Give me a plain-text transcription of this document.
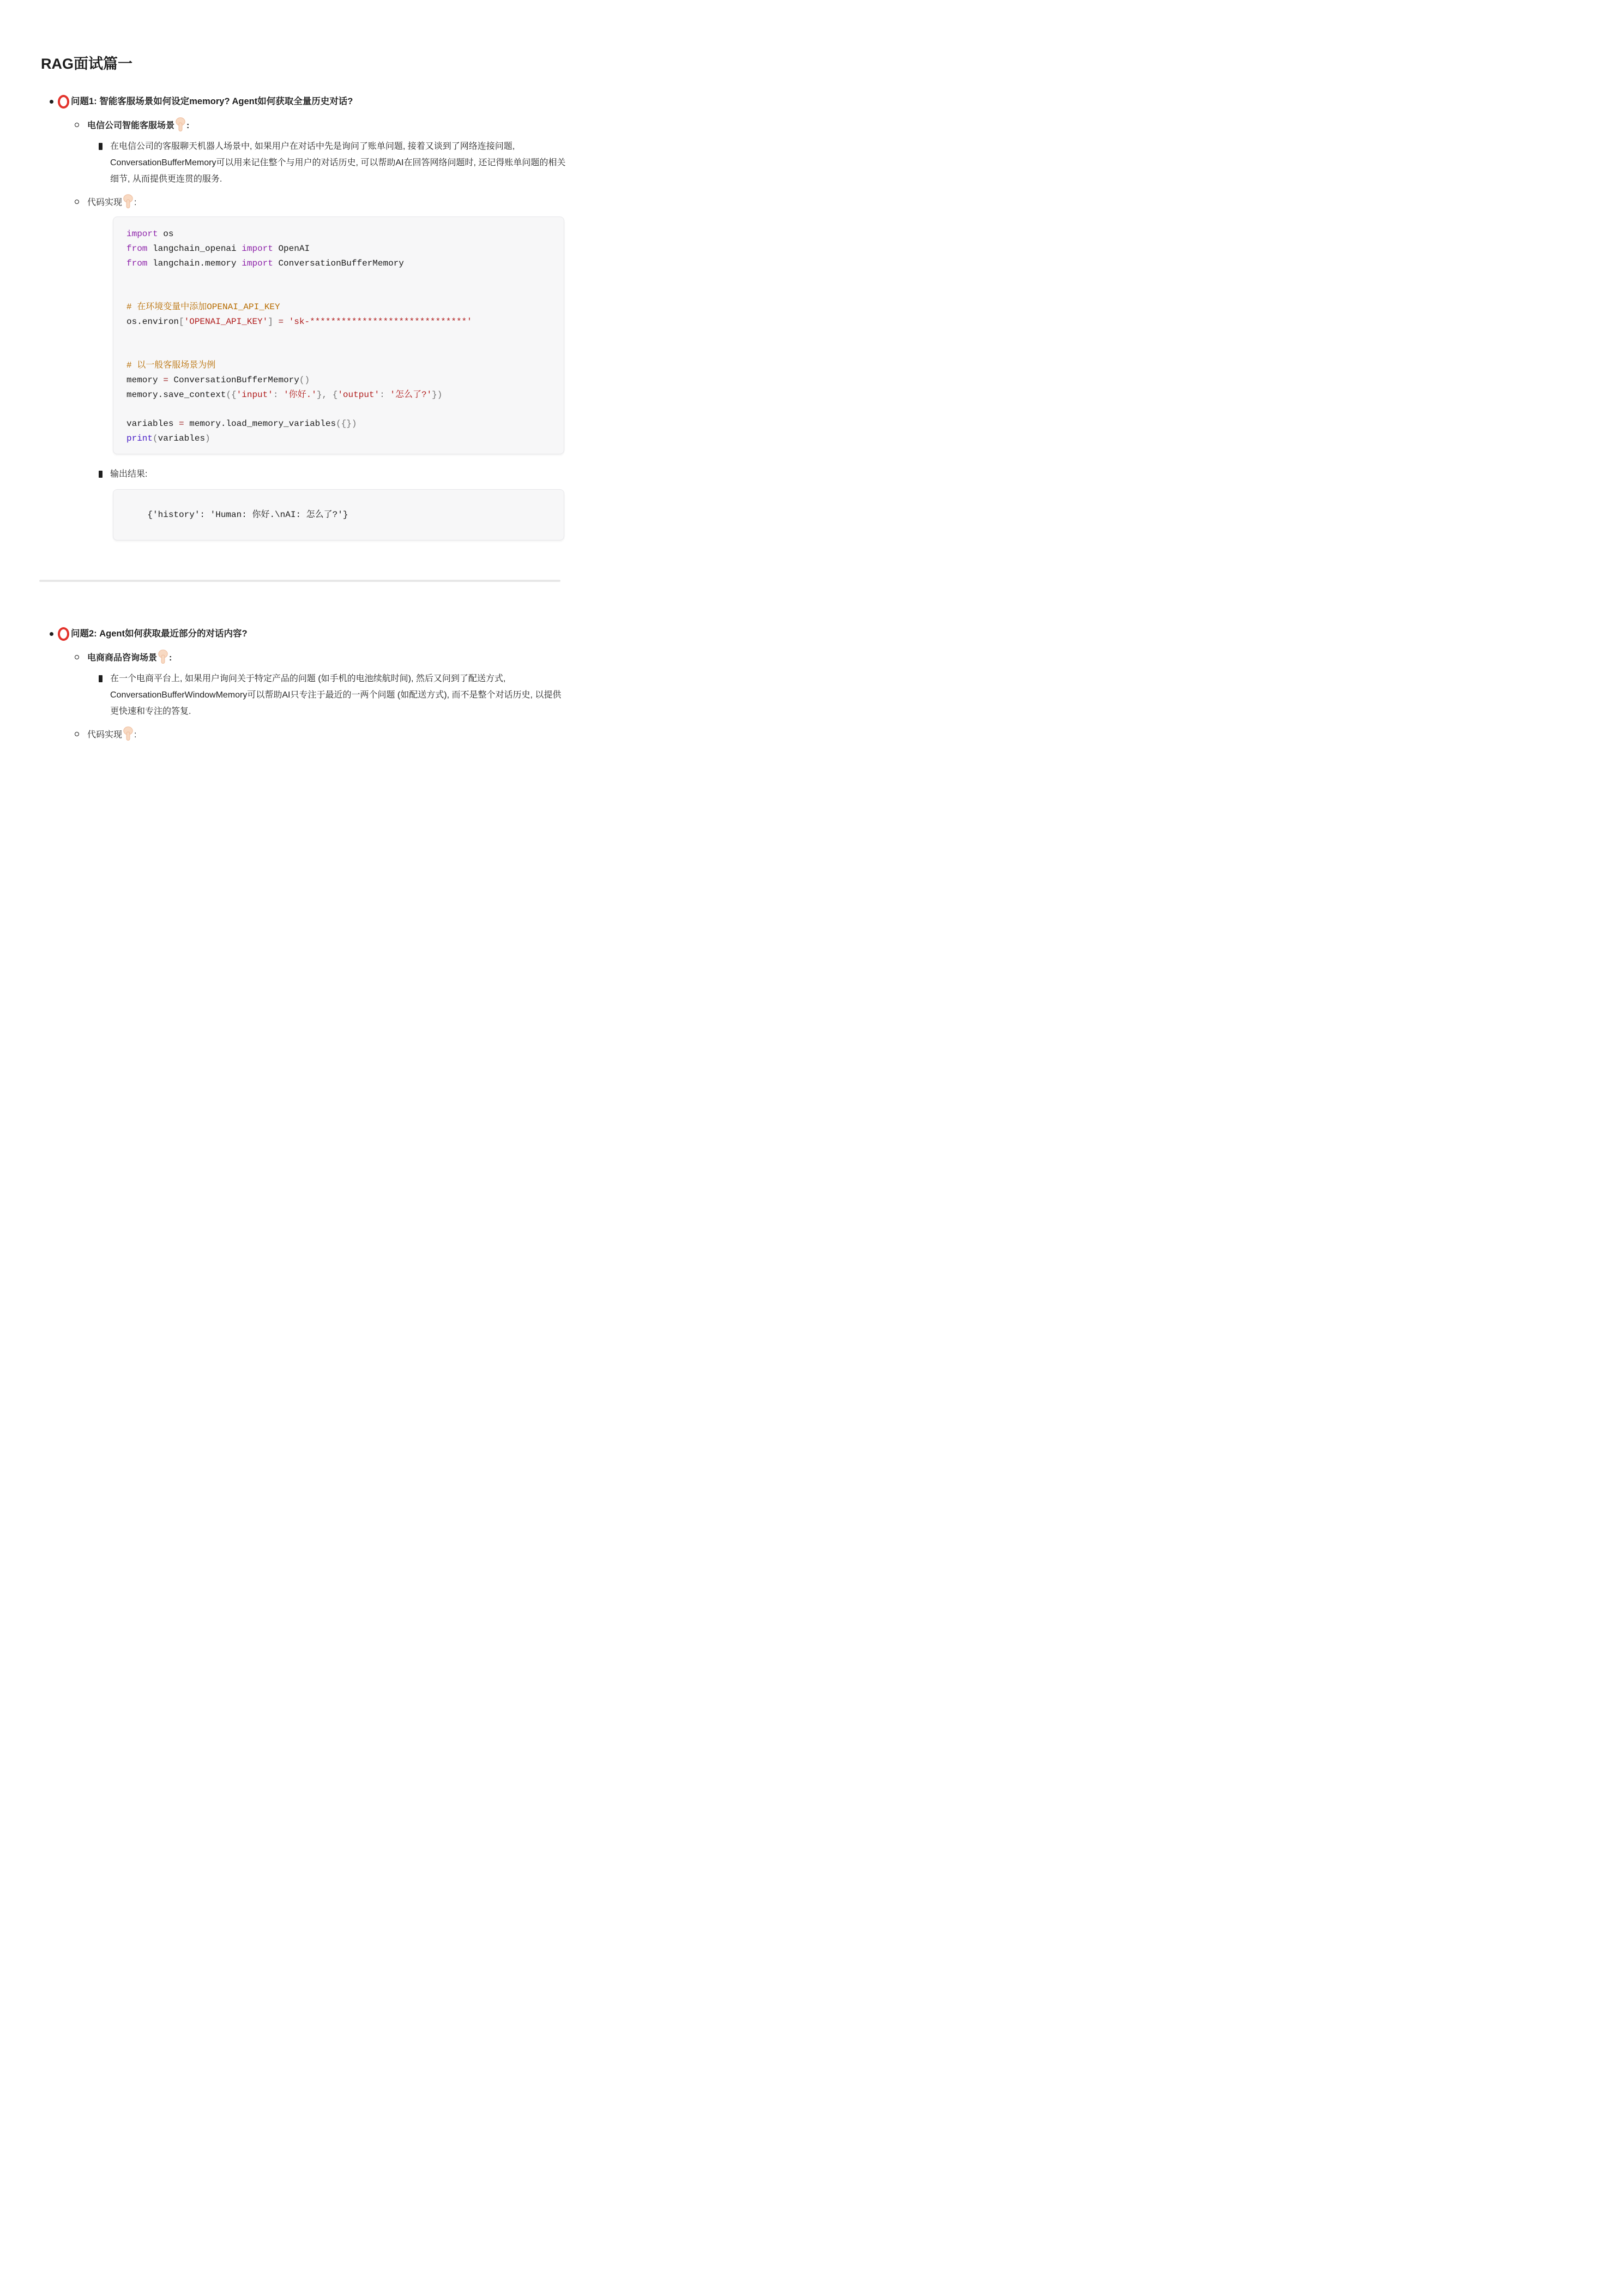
RAG面试篇一
问题1: 智能客服场景如何设定memory? Agent如何获取全量历史对话?
电信公司智能客服场景 :
在电信公司的客服聊天机器人场景中, 如果用户在对话中先是询问了账单问题, 接着又谈到了网络连接问题, ConversationBufferMemory可以用来记住整个与用户的对话历史, 可以帮助AI在回答网络问题时, 还记得账单问题的相关细节, 从而提供更连贯的服务.
代码实现 :
import os
from langchain_openai import OpenAI
from langchain.memory import ConversationBufferMemory

# 在环境变量中添加OPENAI_API_KEY
os.environ['OPENAI_API_KEY'] = 'sk-******************************'

# 以一般客服场景为例
memory = ConversationBufferMemory()
memory.save_context({'input': '你好.'}, {'output': '怎么了?'})

variables = memory.load_memory_variables({})
print(variables)
输出结果:

{'history': 'Human: 你好.\nAI: 怎么了?'}

问题2: Agent如何获取最近部分的对话内容?
电商商品咨询场景 :
在一个电商平台上, 如果用户询问关于特定产品的问题 (如手机的电池续航时间), 然后又问到了配送方式, ConversationBufferWindowMemory可以帮助AI只专注于最近的一两个问题 (如配送方式), 而不是整个对话历史, 以提供更快速和专注的答复.
代码实现 :
